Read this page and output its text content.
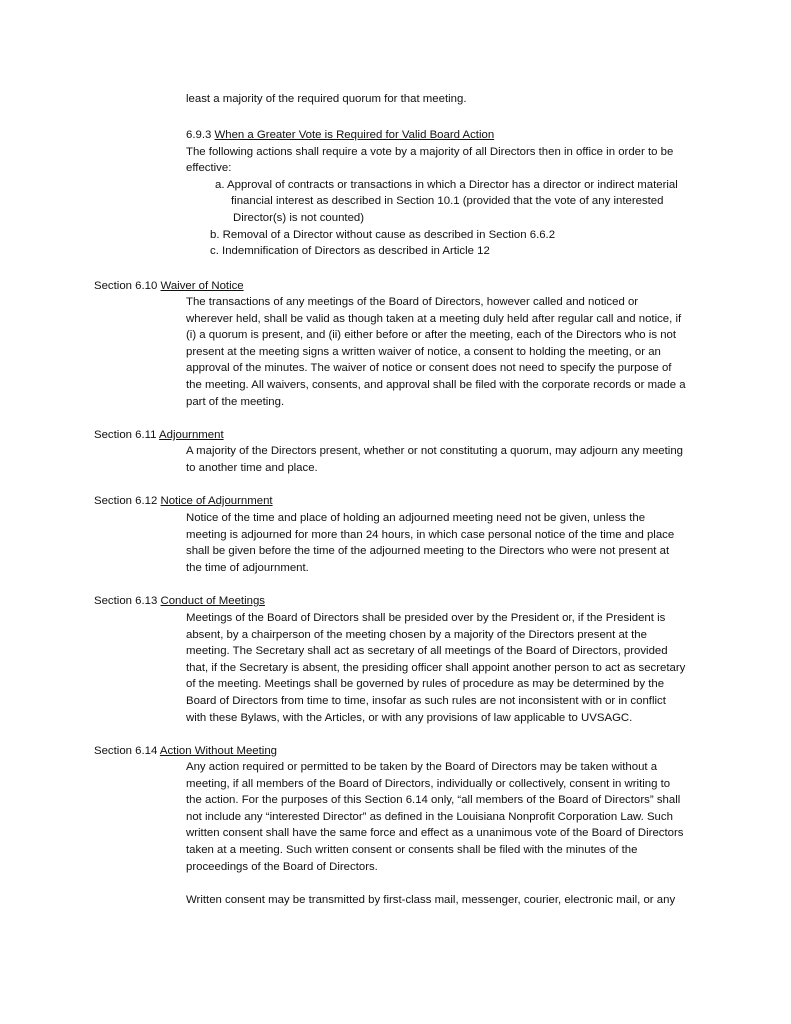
least a majority of the required quorum for that meeting.
6.9.3 When a Greater Vote is Required for Valid Board Action
The following actions shall require a vote by a majority of all Directors then in office in order to be
effective:
a. Approval of contracts or transactions in which a Director has a director or indirect material
financial interest as described in Section 10.1 (provided that the vote of any interested
Director(s) is not counted)
b. Removal of a Director without cause as described in Section 6.6.2
c. Indemnification of Directors as described in Article 12
Section 6.10 Waiver of Notice
The transactions of any meetings of the Board of Directors, however called and noticed or
wherever held, shall be valid as though taken at a meeting duly held after regular call and notice, if
(i) a quorum is present, and (ii) either before or after the meeting, each of the Directors who is not
present at the meeting signs a written waiver of notice, a consent to holding the meeting, or an
approval of the minutes. The waiver of notice or consent does not need to specify the purpose of
the meeting. All waivers, consents, and approval shall be filed with the corporate records or made a
part of the meeting.
Section 6.11 Adjournment
A majority of the Directors present, whether or not constituting a quorum, may adjourn any meeting
to another time and place.
Section 6.12 Notice of Adjournment
Notice of the time and place of holding an adjourned meeting need not be given, unless the
meeting is adjourned for more than 24 hours, in which case personal notice of the time and place
shall be given before the time of the adjourned meeting to the Directors who were not present at
the time of adjournment.
Section 6.13 Conduct of Meetings
Meetings of the Board of Directors shall be presided over by the President or, if the President is
absent, by a chairperson of the meeting chosen by a majority of the Directors present at the
meeting. The Secretary shall act as secretary of all meetings of the Board of Directors, provided
that, if the Secretary is absent, the presiding officer shall appoint another person to act as secretary
of the meeting. Meetings shall be governed by rules of procedure as may be determined by the
Board of Directors from time to time, insofar as such rules are not inconsistent with or in conflict
with these Bylaws, with the Articles, or with any provisions of law applicable to UVSAGC.
Section 6.14 Action Without Meeting
Any action required or permitted to be taken by the Board of Directors may be taken without a
meeting, if all members of the Board of Directors, individually or collectively, consent in writing to
the action. For the purposes of this Section 6.14 only, “all members of the Board of Directors” shall
not include any “interested Director” as defined in the Louisiana Nonprofit Corporation Law. Such
written consent shall have the same force and effect as a unanimous vote of the Board of Directors
taken at a meeting. Such written consent or consents shall be filed with the minutes of the
proceedings of the Board of Directors.
Written consent may be transmitted by first-class mail, messenger, courier, electronic mail, or any
